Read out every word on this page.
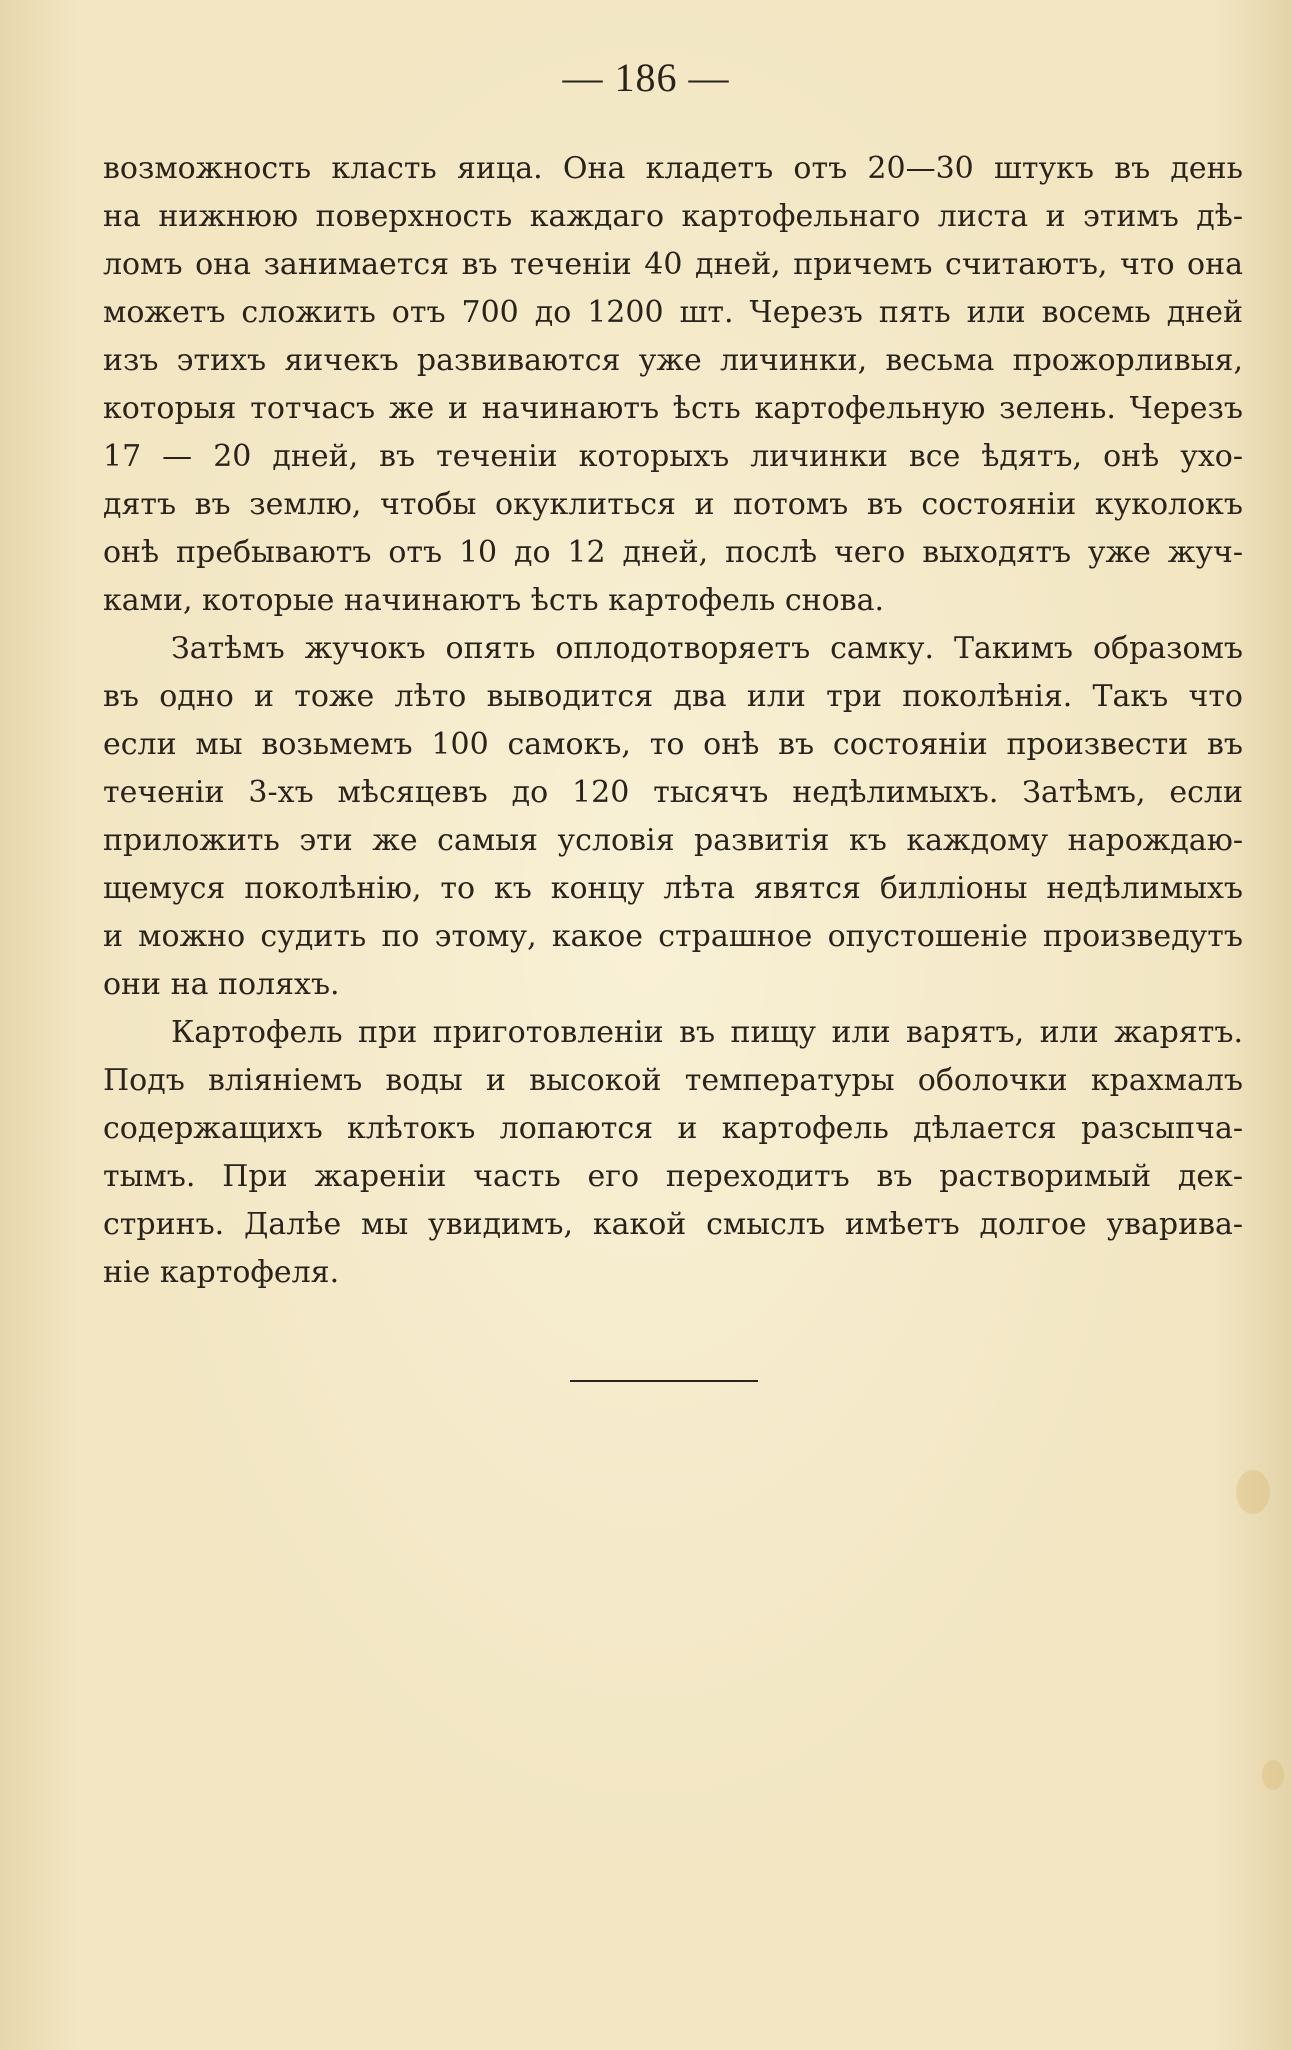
— 186 —
возможность класть яица. Она кладетъ отъ 20—30 штукъ въ день
на нижнюю поверхность каждаго картофельнаго листа и этимъ дѣ-
ломъ она занимается въ теченіи 40 дней, причемъ считаютъ, что она
можетъ сложить отъ 700 до 1200 шт. Черезъ пять или восемь дней
изъ этихъ яичекъ развиваются уже личинки, весьма прожорливыя,
которыя тотчасъ же и начинаютъ ѣсть картофельную зелень. Черезъ
17 — 20 дней, въ теченіи которыхъ личинки все ѣдятъ, онѣ ухо-
дятъ въ землю, чтобы окуклиться и потомъ въ состояніи куколокъ
онѣ пребываютъ отъ 10 до 12 дней, послѣ чего выходятъ уже жуч-
ками, которые начинаютъ ѣсть картофель снова.
Затѣмъ жучокъ опять оплодотворяетъ самку. Такимъ образомъ
въ одно и тоже лѣто выводится два или три поколѣнія. Такъ что
если мы возьмемъ 100 самокъ, то онѣ въ состояніи произвести въ
теченіи 3-хъ мѣсяцевъ до 120 тысячъ недѣлимыхъ. Затѣмъ, если
приложить эти же самыя условія развитія къ каждому нарождаю-
щемуся поколѣнію, то къ концу лѣта явятся билліоны недѣлимыхъ
и можно судить по этому, какое страшное опустошеніе произведутъ
они на поляхъ.
Картофель при приготовленіи въ пищу или варятъ, или жарятъ.
Подъ вліяніемъ воды и высокой температуры оболочки крахмалъ
содержащихъ клѣтокъ лопаются и картофель дѣлается разсыпча-
тымъ. При жареніи часть его переходитъ въ растворимый дек-
стринъ. Далѣе мы увидимъ, какой смыслъ имѣетъ долгое уварива-
ніе картофеля.
